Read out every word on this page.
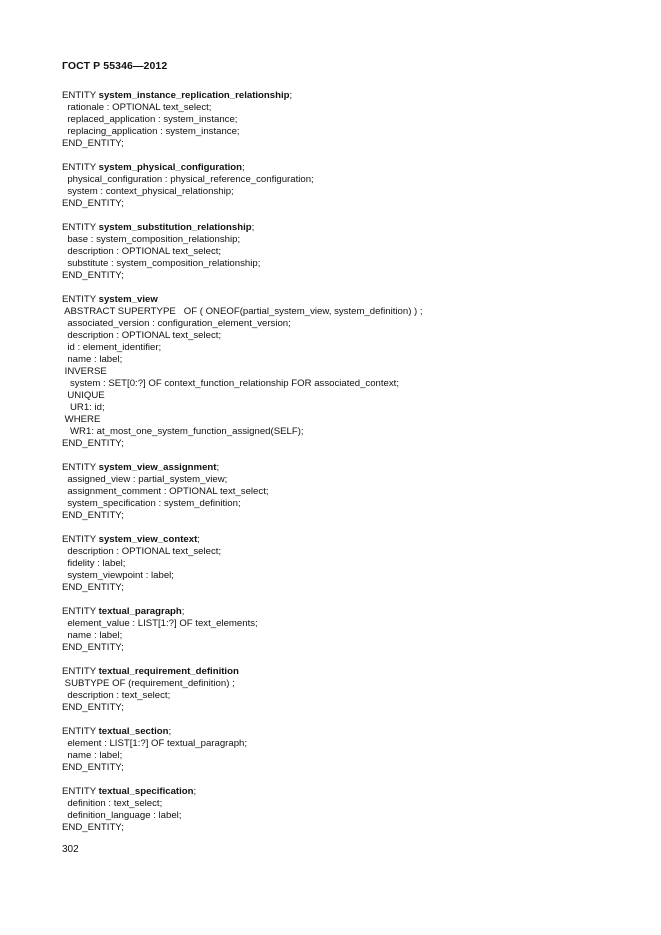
ГОСТ Р 55346—2012
ENTITY system_instance_replication_relationship;
rationale : OPTIONAL text_select;
replaced_application : system_instance;
replacing_application : system_instance;
END_ENTITY;
ENTITY system_physical_configuration;
physical_configuration : physical_reference_configuration;
system : context_physical_relationship;
END_ENTITY;
ENTITY system_substitution_relationship;
base : system_composition_relationship;
description : OPTIONAL text_select;
substitute : system_composition_relationship;
END_ENTITY;
ENTITY system_view
ABSTRACT SUPERTYPE   OF ( ONEOF(partial_system_view, system_definition) ) ;
associated_version : configuration_element_version;
description : OPTIONAL text_select;
id : element_identifier;
name : label;
INVERSE
system : SET[0:?] OF context_function_relationship FOR associated_context;
UNIQUE
UR1: id;
WHERE
WR1: at_most_one_system_function_assigned(SELF);
END_ENTITY;
ENTITY system_view_assignment;
assigned_view : partial_system_view;
assignment_comment : OPTIONAL text_select;
system_specification : system_definition;
END_ENTITY;
ENTITY system_view_context;
description : OPTIONAL text_select;
fidelity : label;
system_viewpoint : label;
END_ENTITY;
ENTITY textual_paragraph;
element_value : LIST[1:?] OF text_elements;
name : label;
END_ENTITY;
ENTITY textual_requirement_definition
SUBTYPE OF (requirement_definition) ;
description : text_select;
END_ENTITY;
ENTITY textual_section;
element : LIST[1:?] OF textual_paragraph;
name : label;
END_ENTITY;
ENTITY textual_specification;
definition : text_select;
definition_language : label;
END_ENTITY;
302
